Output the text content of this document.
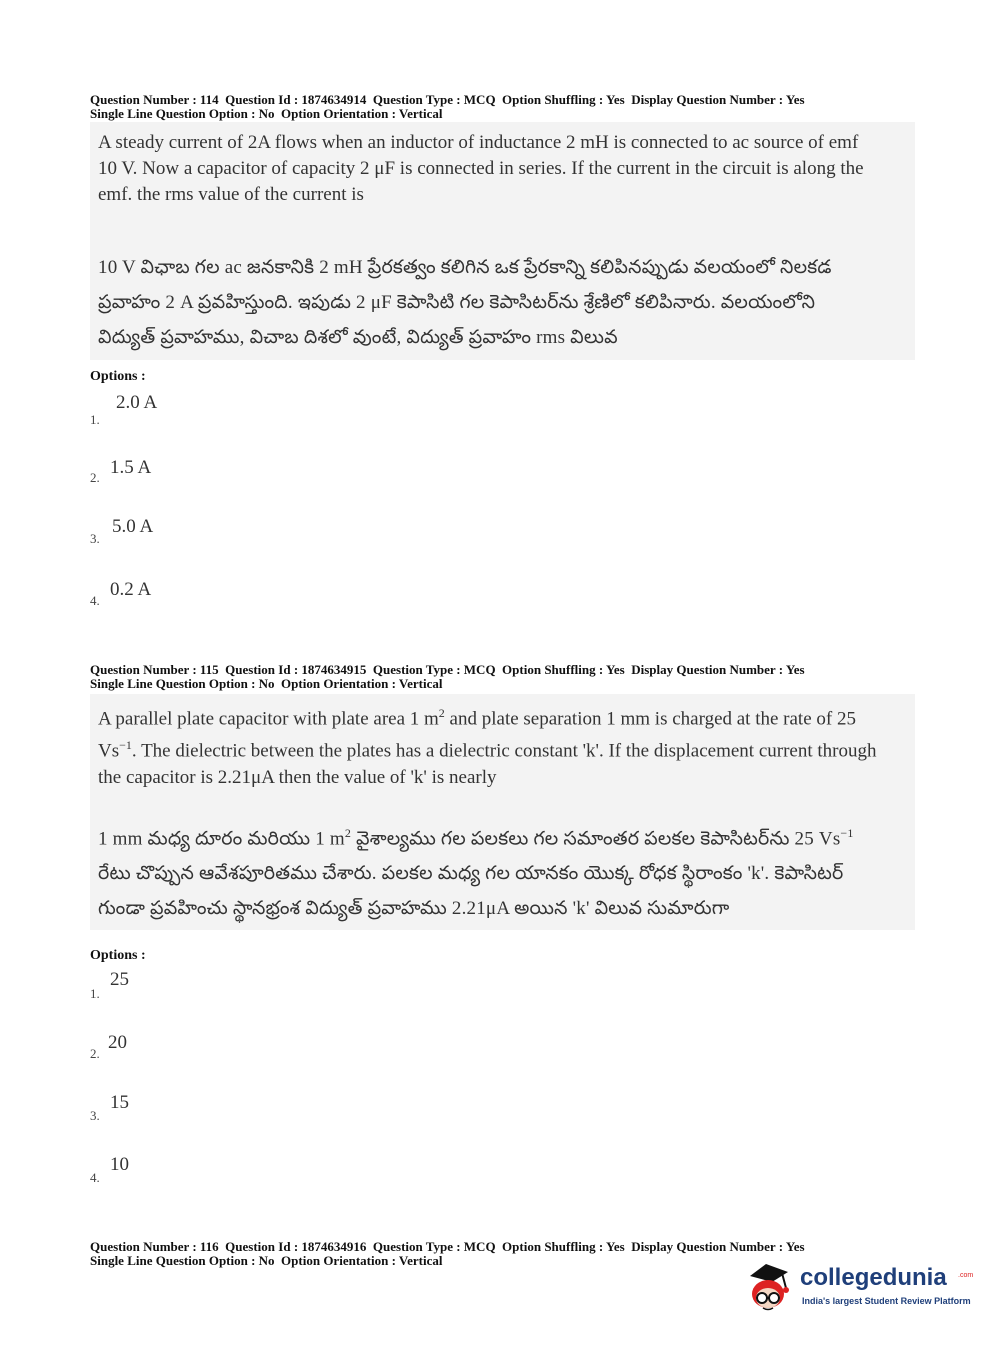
Question Number : 114  Question Id : 1874634914  Question Type : MCQ  Option Shuffling : Yes  Display Question Number : Yes
Single Line Question Option : No  Option Orientation : Vertical
A steady current of 2A flows when an inductor of inductance 2 mH is connected to ac source of emf 10 V. Now a capacitor of capacity 2 μF is connected in series. If the current in the circuit is along the emf. the rms value of the current is
10 V విఛాబ గల ac జనకానికి 2 mH ప్రేరకత్వం కలిగిన ఒక ప్రేరకాన్ని కలిపినప్పుడు వలయంలో నిలకడ ప్రవాహం 2 A ప్రవహిస్తుంది. ఇపుడు 2 μF కెపాసిటి గల కెపాసిటర్‌ను శ్రేణిలో కలిపినారు. వలయంలోని విద్యుత్ ప్రవాహము, విచాబ దిశలో వుంటే, విద్యుత్ ప్రవాహం rms విలువ
Options :
1.
2.0 A
2. 1.5 A
3.
5.0 A
4.
0.2 A
Question Number : 115  Question Id : 1874634915  Question Type : MCQ  Option Shuffling : Yes  Display Question Number : Yes
Single Line Question Option : No  Option Orientation : Vertical
A parallel plate capacitor with plate area 1 $m^2$ and plate separation 1 mm is charged at the rate of 25 $Vs^{-1}$. The dielectric between the plates has a dielectric constant 'k'. If the displacement current through the capacitor is 2.21μA then the value of 'k' is nearly
1 mm మధ్య దూరం మరియు 1 $m^2$ వైశాల్యము గల పలకలు గల సమాంతర పలకల కెపాసిటర్‌ను 25 $Vs^{-1}$ రేటు చొప్పున ఆవేశపూరితము చేశారు. పలకల మధ్య గల యానకం యొక్క రోధక స్థిరాంకం 'k'. కెపాసిటర్ గుండా ప్రవహించు స్థానభ్రంశ విద్యుత్ ప్రవాహము 2.21μA అయిన 'k' విలువ సుమారుగా
Options :
1.
25
2.
20
3.
15
4.
10
Question Number : 116  Question Id : 1874634916  Question Type : MCQ  Option Shuffling : Yes  Display Question Number : Yes
Single Line Question Option : No  Option Orientation : Vertical
collegedunia .com
India's largest Student Review Platform
